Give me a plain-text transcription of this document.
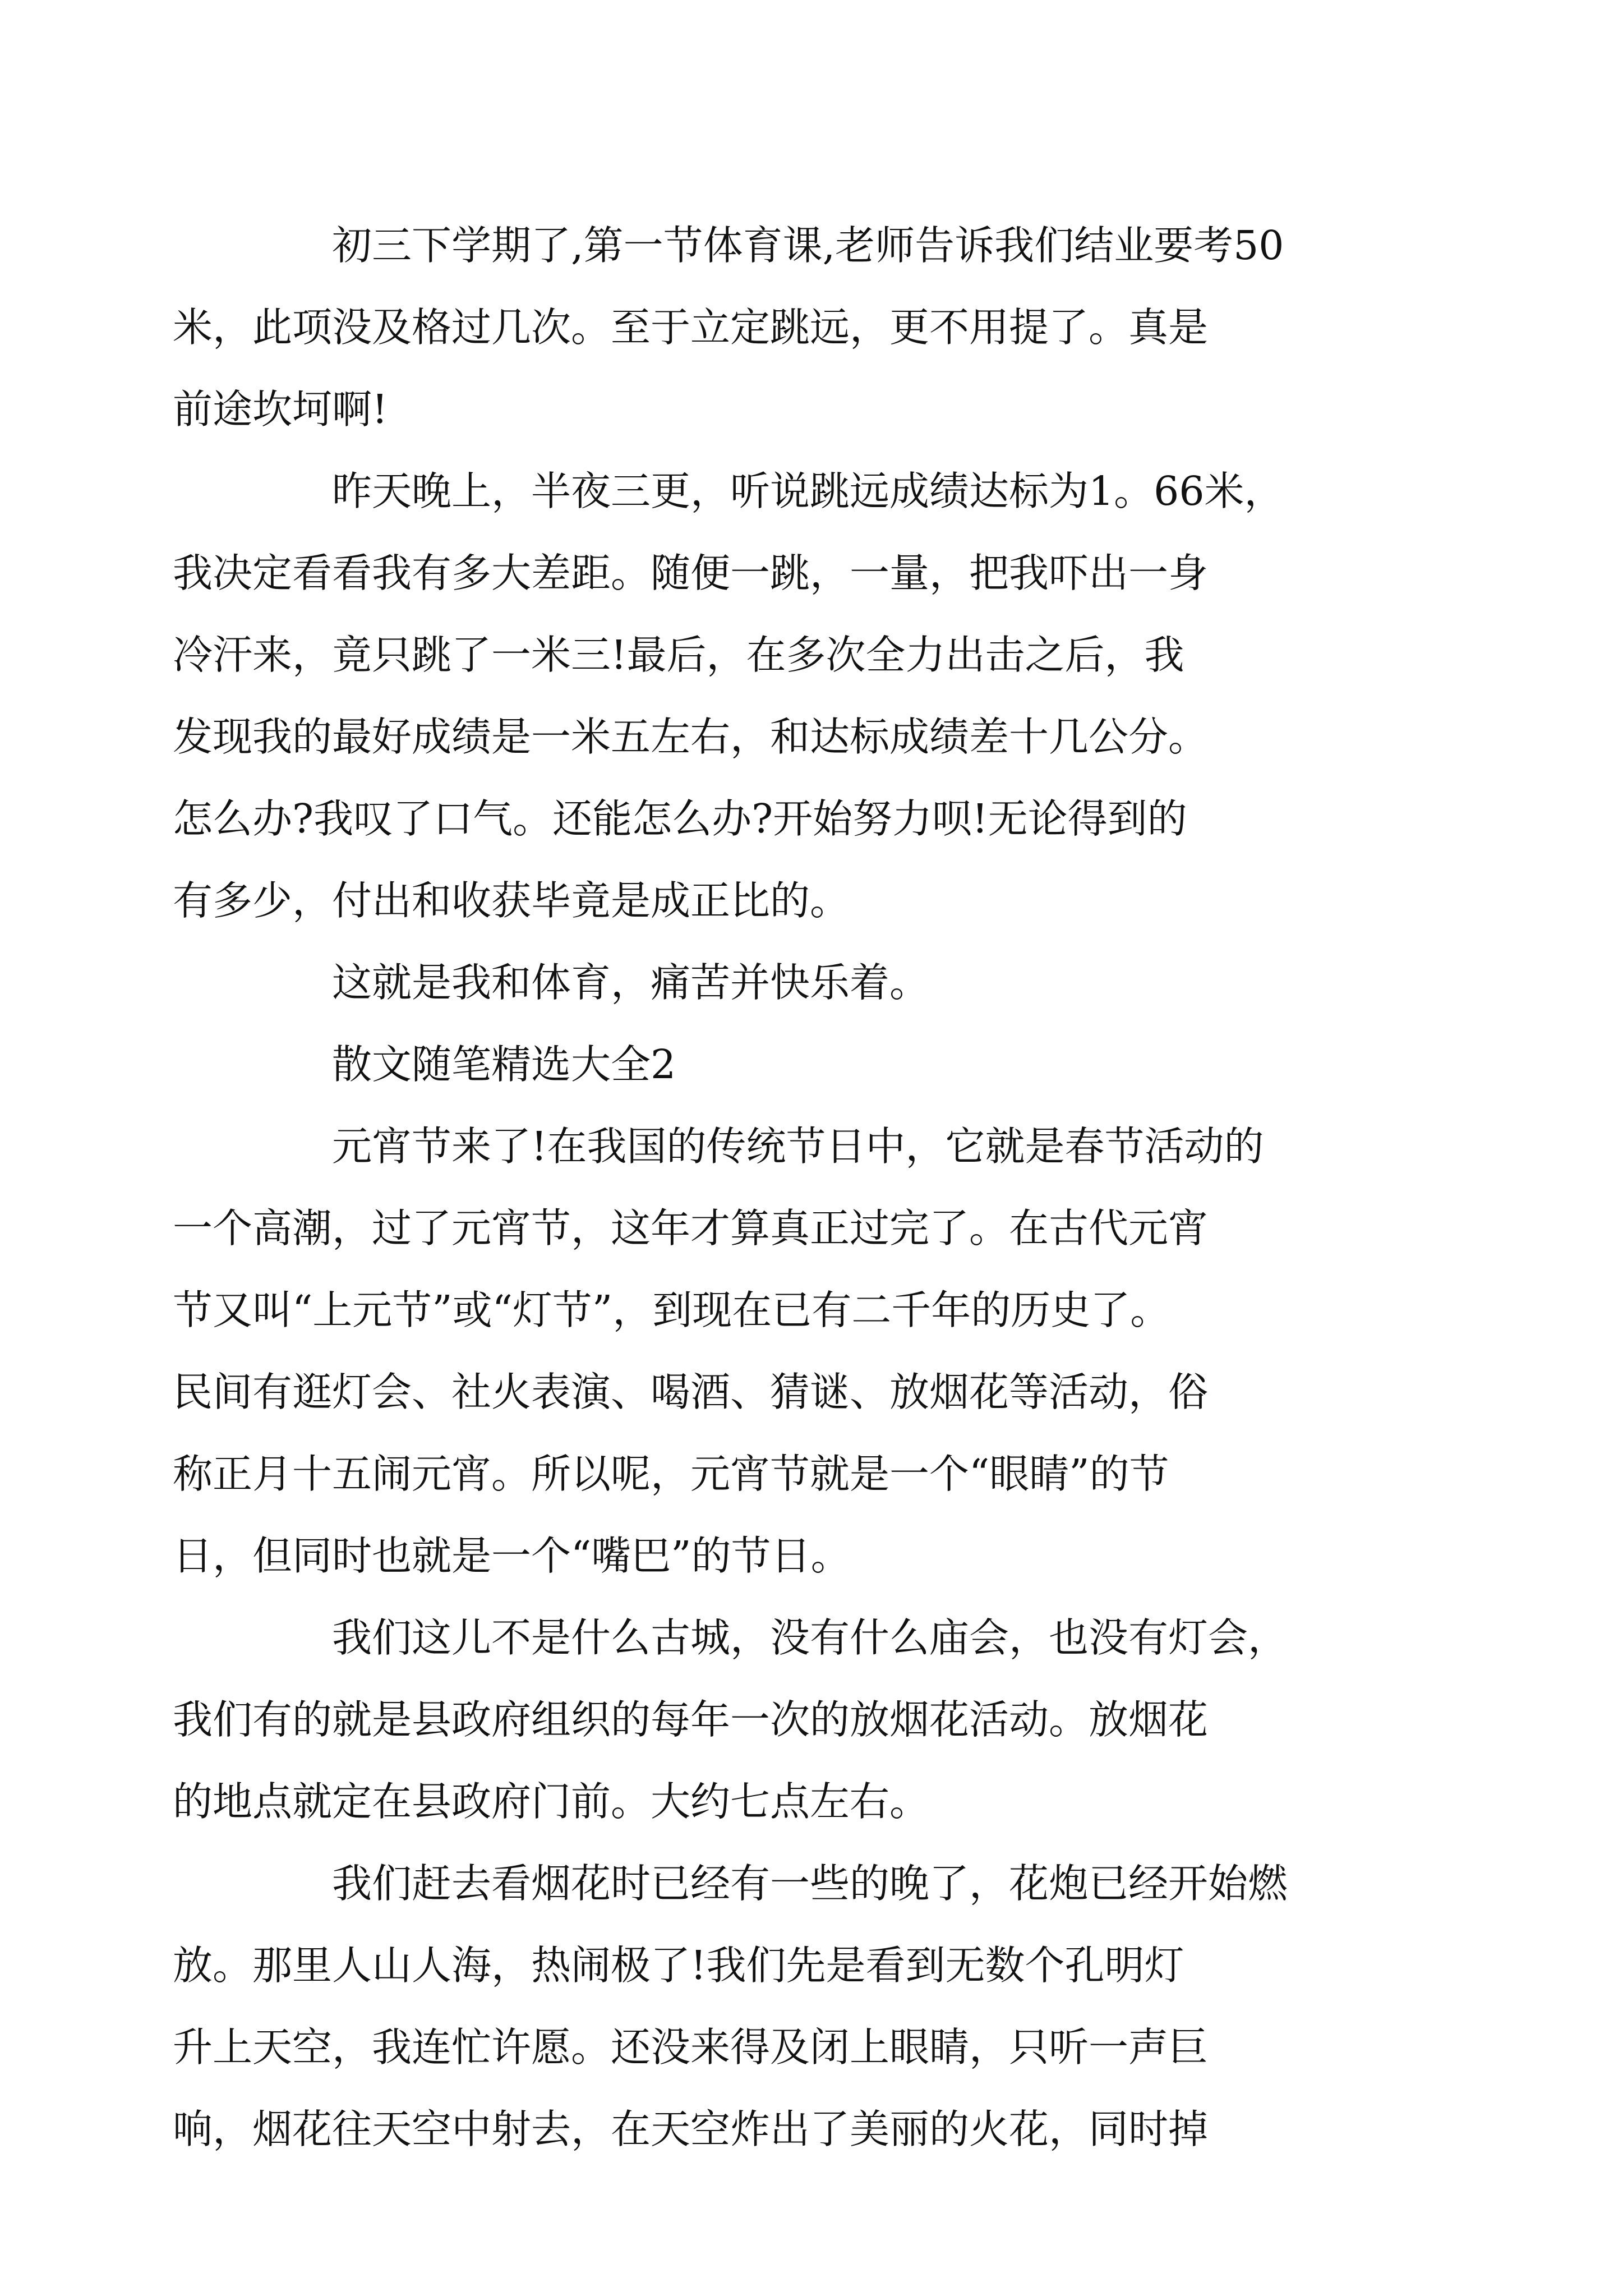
初三下学期了,第一节体育课,老师告诉我们结业要考50
米，此项没及格过几次。至于立定跳远，更不用提了。真是
前途坎坷啊!

昨天晚上，半夜三更，听说跳远成绩达标为1。66米，
我决定看看我有多大差距。随便一跳，一量，把我吓出一身
冷汗来，竟只跳了一米三!最后，在多次全力出击之后，我
发现我的最好成绩是一米五左右，和达标成绩差十几公分。
怎么办?我叹了口气。还能怎么办?开始努力呗!无论得到的
有多少，付出和收获毕竟是成正比的。

这就是我和体育，痛苦并快乐着。

散文随笔精选大全2

元宵节来了!在我国的传统节日中，它就是春节活动的
一个高潮，过了元宵节，这年才算真正过完了。在古代元宵
节又叫“上元节”或“灯节”，到现在已有二千年的历史了。
民间有逛灯会、社火表演、喝酒、猜谜、放烟花等活动，俗
称正月十五闹元宵。所以呢，元宵节就是一个“眼睛”的节
日，但同时也就是一个“嘴巴”的节日。

我们这儿不是什么古城，没有什么庙会，也没有灯会，
我们有的就是县政府组织的每年一次的放烟花活动。放烟花
的地点就定在县政府门前。大约七点左右。

我们赶去看烟花时已经有一些的晚了，花炮已经开始燃
放。那里人山人海，热闹极了!我们先是看到无数个孔明灯
升上天空，我连忙许愿。还没来得及闭上眼睛，只听一声巨
响，烟花往天空中射去，在天空炸出了美丽的火花，同时掉
